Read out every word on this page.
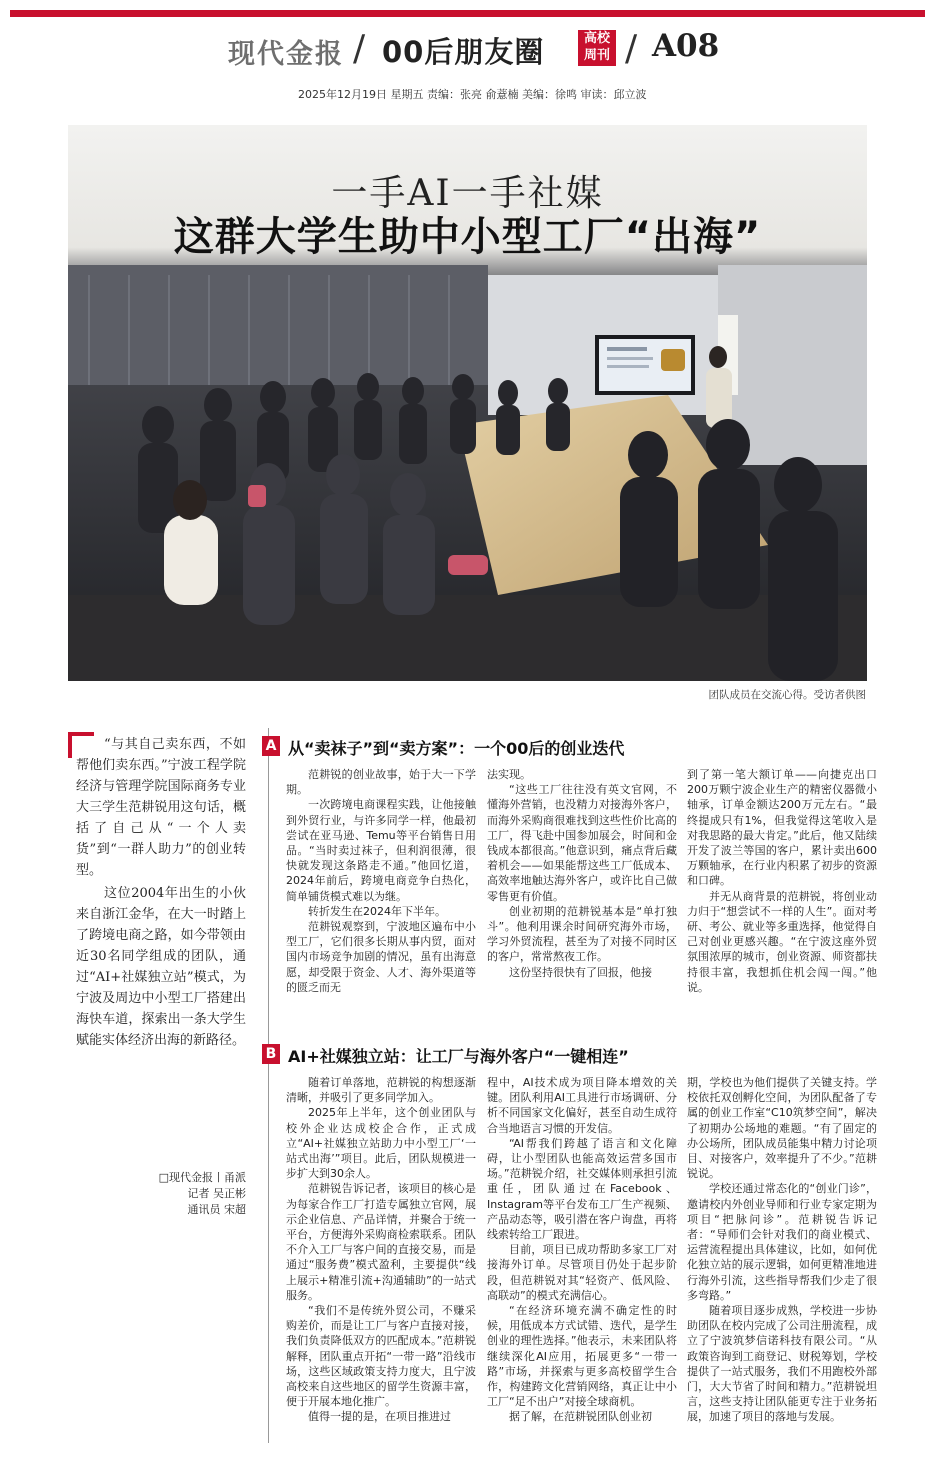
现代金报 / 00后朋友圈	高校
周刊 / A08
2025年12月19日 星期五 责编：张亮 俞薏楠 美编：徐鸣 审读：邱立波
一手AI一手社媒
这群大学生助中小型工厂“出海”
团队成员在交流心得。受访者供图

“与其自己卖东西，不如帮他们卖东西。”宁波工程学院经济与管理学院国际商务专业大三学生范耕锐用这句话，概括了自己从“一个人卖货”到“一群人助力”的创业转型。

这位2004年出生的小伙来自浙江金华，在大一时踏上了跨境电商之路，如今带领由近30名同学组成的团队，通过“AI+社媒独立站”模式，为宁波及周边中小型工厂搭建出海快车道，探索出一条大学生赋能实体经济出海的新路径。

□现代金报丨甬派
记者 吴正彬
通讯员 宋超
A 从“卖袜子”到“卖方案”：一个00后的创业迭代

范耕锐的创业故事，始于大一下学期。

一次跨境电商课程实践，让他接触到外贸行业，与许多同学一样，他最初尝试在亚马逊、Temu等平台销售日用品。“当时卖过袜子，但利润很薄，很快就发现这条路走不通。”他回忆道，2024年前后，跨境电商竞争白热化，简单铺货模式难以为继。

转折发生在2024年下半年。

范耕锐观察到，宁波地区遍布中小型工厂，它们很多长期从事内贸，面对国内市场竞争加剧的情况，虽有出海意愿，却受限于资金、人才、海外渠道等的匮乏而无

法实现。

“这些工厂往往没有英文官网，不懂海外营销，也没精力对接海外客户，而海外采购商很难找到这些性价比高的工厂，得飞赴中国参加展会，时间和金钱成本都很高。”他意识到，痛点背后藏着机会——如果能帮这些工厂低成本、高效率地触达海外客户，或许比自己做零售更有价值。

创业初期的范耕锐基本是“单打独斗”。他利用课余时间研究海外市场，学习外贸流程，甚至为了对接不同时区的客户，常常熬夜工作。

这份坚持很快有了回报，他接

到了第一笔大额订单——向捷克出口200万颗宁波企业生产的精密仪器微小轴承，订单金额达200万元左右。“最终提成只有1%，但我觉得这笔收入是对我思路的最大肯定。”此后，他又陆续开发了波兰等国的客户，累计卖出600万颗轴承，在行业内积累了初步的资源和口碑。

并无从商背景的范耕锐，将创业动力归于“想尝试不一样的人生”。面对考研、考公、就业等多重选择，他觉得自己对创业更感兴趣。“在宁波这座外贸氛围浓厚的城市，创业资源、师资都扶持很丰富，我想抓住机会闯一闯。”他说。

B AI+社媒独立站：让工厂与海外客户“一键相连”

随着订单落地，范耕锐的构想逐渐清晰，并吸引了更多同学加入。

2025年上半年，这个创业团队与校外企业达成校企合作，正式成立“AI+社媒独立站助力中小型工厂‘一站式出海’”项目。此后，团队规模进一步扩大到30余人。

范耕锐告诉记者，该项目的核心是为每家合作工厂打造专属独立官网，展示企业信息、产品详情，并聚合于统一平台，方便海外采购商检索联系。团队不介入工厂与客户间的直接交易，而是通过“服务费”模式盈利，主要提供“线上展示+精准引流+沟通辅助”的一站式服务。

“我们不是传统外贸公司，不赚采购差价，而是让工厂与客户直接对接，我们负责降低双方的匹配成本。”范耕锐解释，团队重点开拓“一带一路”沿线市场，这些区域政策支持力度大，且宁波高校来自这些地区的留学生资源丰富，便于开展本地化推广。

值得一提的是，在项目推进过

程中，AI技术成为项目降本增效的关键。团队利用AI工具进行市场调研、分析不同国家文化偏好，甚至自动生成符合当地语言习惯的开发信。

“AI帮我们跨越了语言和文化障碍，让小型团队也能高效运营多国市场。”范耕锐介绍，社交媒体则承担引流重任，团队通过在Facebook、Instagram等平台发布工厂生产视频、产品动态等，吸引潜在客户询盘，再将线索转给工厂跟进。

目前，项目已成功帮助多家工厂对接海外订单。尽管项目仍处于起步阶段，但范耕锐对其“轻资产、低风险、高联动”的模式充满信心。

“在经济环境充满不确定性的时候，用低成本方式试错、迭代，是学生创业的理性选择。”他表示，未来团队将继续深化AI应用，拓展更多“一带一路”市场，并探索与更多高校留学生合作，构建跨文化营销网络，真正让中小工厂“足不出户”对接全球商机。

据了解，在范耕锐团队创业初

期，学校也为他们提供了关键支持。学校依托双创孵化空间，为团队配备了专属的创业工作室“C10筑梦空间”，解决了初期办公场地的难题。“有了固定的办公场所，团队成员能集中精力讨论项目、对接客户，效率提升了不少。”范耕锐说。

学校还通过常态化的“创业门诊”，邀请校内外创业导师和行业专家定期为项目“把脉问诊”。范耕锐告诉记者：“导师们会针对我们的商业模式、运营流程提出具体建议，比如，如何优化独立站的展示逻辑，如何更精准地进行海外引流，这些指导帮我们少走了很多弯路。”

随着项目逐步成熟，学校进一步协助团队在校内完成了公司注册流程，成立了宁波筑梦信诺科技有限公司。“从政策咨询到工商登记、财税筹划，学校提供了一站式服务，我们不用跑校外部门，大大节省了时间和精力。”范耕锐坦言，这些支持让团队能更专注于业务拓展，加速了项目的落地与发展。
